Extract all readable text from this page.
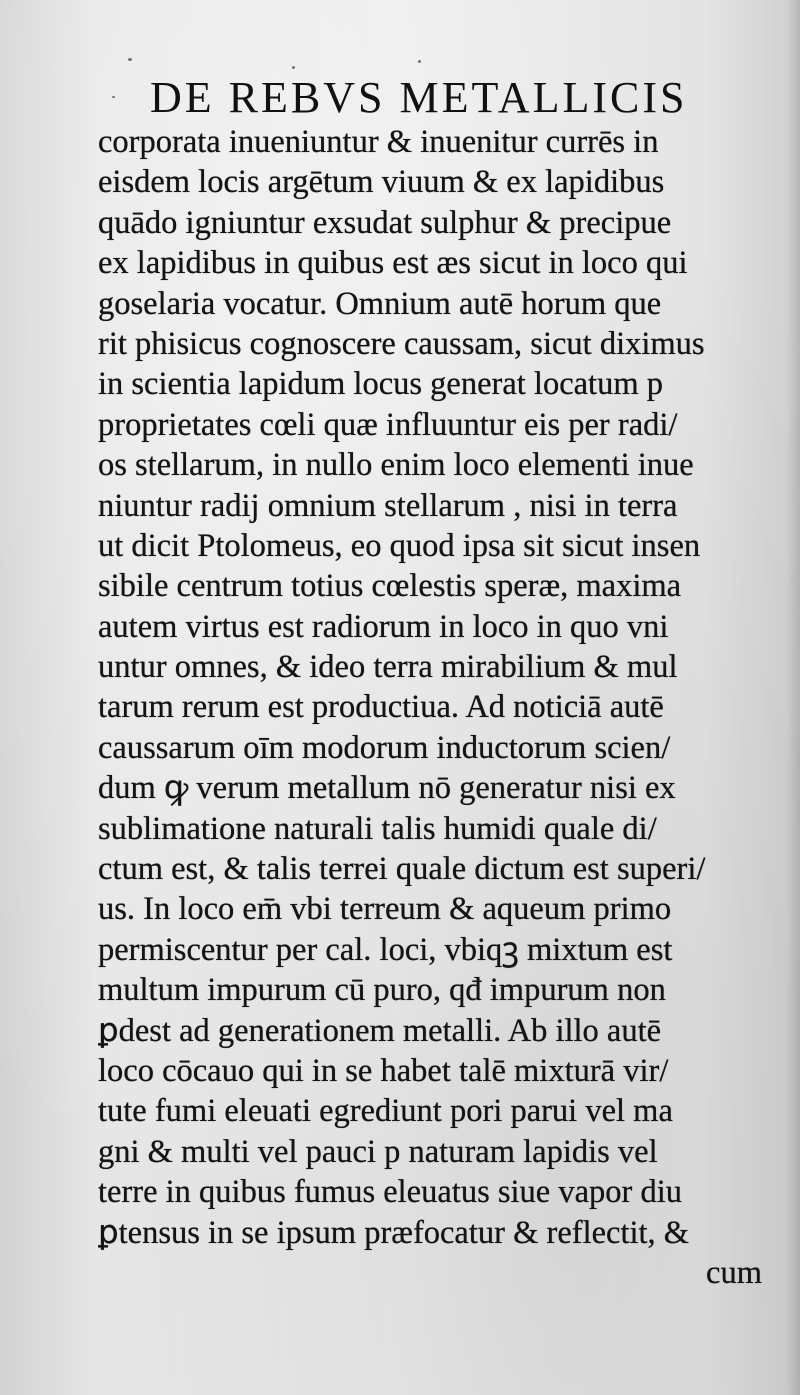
DE REBVS METALLICIS
corporata inueniuntur & inuenitur currēs in
eisdem locis argētum viuum & ex lapidibus
quādo igniuntur exsudat sulphur & precipue
ex lapidibus in quibus est æs sicut in loco qui
goselaria vocatur. Omnium autē horum que
rit phisicus cognoscere caussam, sicut diximus
in scientia lapidum locus generat locatum p
proprietates cœli quæ influuntur eis per radi/
os stellarum, in nullo enim loco elementi inue
niuntur radij omnium stellarum , nisi in terra
ut dicit Ptolomeus, eo quod ipsa sit sicut insen
sibile centrum totius cœlestis speræ, maxima
autem virtus est radiorum in loco in quo vni
untur omnes, & ideo terra mirabilium & mul
tarum rerum est productiua. Ad noticiā autē
caussarum oīm modorum inductorum scien/
dum ꝙ verum metallum nō generatur nisi ex
sublimatione naturali talis humidi quale di/
ctum est, & talis terrei quale dictum est superi/
us. In loco em̄ vbi terreum & aqueum primo
permiscentur per cal. loci, vbiqꝫ mixtum est
multum impurum cū puro, qđ impurum non
ꝑdest ad generationem metalli. Ab illo autē
loco cōcauo qui in se habet talē mixturā vir/
tute fumi eleuati egrediunt pori parui vel ma
gni & multi vel pauci p naturam lapidis vel
terre in quibus fumus eleuatus siue vapor diu
ꝑtensus in se ipsum præfocatur & reflectit, &
cum
